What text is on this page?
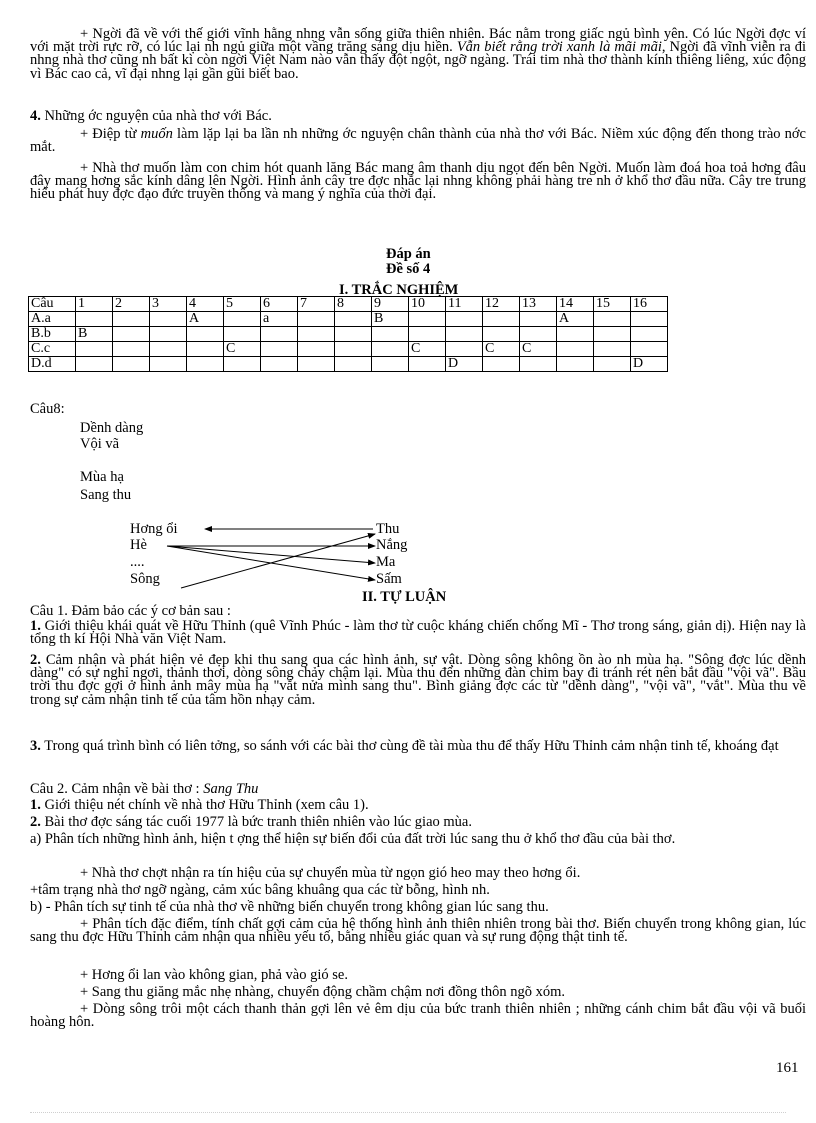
+ Ngời đã về với thế giới vĩnh hằng nhng vẫn sống giữa thiên nhiên. Bác nằm trong giấc ngủ bình yên. Có lúc Ngời đợc ví với mặt trời rực rỡ, có lúc lại nh ngủ giữa một vầng trăng sáng dịu hiền. Vẫn biết rằng trời xanh là mãi mãi, Ngời đã vĩnh viễn ra đi nhng nhà thơ cũng nh bất kì còn ngời Việt Nam nào vẫn thấy đột ngột, ngỡ ngàng. Trái tim nhà thơ thành kính thiêng liêng, xúc động vì Bác cao cả, vĩ đại nhng lại gần gũi biết bao.

4. Những ớc nguyện của nhà thơ với Bác.

+ Điệp từ muốn làm lặp lại ba lần nh những ớc nguyện chân thành của nhà thơ với Bác. Niềm xúc động đến thong trào nớc mắt.

+ Nhà thơ muốn làm con chim hót quanh lăng Bác mang âm thanh dịu ngọt đến bên Ngời. Muốn làm đoá hoa toả hơng đâu đây mang hơng sắc kính dâng lên Ngời. Hình ảnh cây tre đợc nhắc lại nhng không phải hàng tre nh ở khổ thơ đầu nữa. Cây tre trung hiếu phát huy đợc đạo đức truyền thống và mang ý nghĩa của thời đại.

Đáp án
Đề số 4
I. TRẮC NGHIỆM
Câu	1	2	3	4	5	6	7	8	9	10	11	12	13	14	15	16
A.a				A		a			B					A		
B.b	B															
C.c					C					C		C	C			
D.d											D					D
Câu8:
Dềnh dàng
Vội vã
Mùa hạ
Sang thu
Hơng ổi
Hè
....
Sông
Thu
Nắng
Ma
Sấm
II. TỰ LUẬN
Câu 1. Đảm bảo các ý cơ bản sau :

1. Giới thiệu khái quát về Hữu Thỉnh (quê Vĩnh Phúc - làm thơ từ cuộc kháng chiến chống Mĩ - Thơ trong sáng, giản dị). Hiện nay là tổng th kí Hội Nhà văn Việt Nam.

2. Cảm nhận và phát hiện vẻ đẹp khi thu sang qua các hình ảnh, sự vật. Dòng sông không ồn ào nh mùa hạ. "Sông đợc lúc dềnh dàng" có sự nghỉ ngơi, thảnh thơi, dòng sông chảy chậm lại. Mùa thu đến những đàn chim bay đi tránh rét nên bắt đầu "vội vã". Bầu trời thu đợc gợi ở hình ảnh mây mùa hạ "vắt nửa mình sang thu". Bình giảng đợc các từ "dềnh dàng", "vội vã", "vắt". Mùa thu về trong sự cảm nhận tinh tế của tâm hồn nhạy cảm.

3. Trong quá trình bình có liên tởng, so sánh với các bài thơ cùng đề tài mùa thu để thấy Hữu Thỉnh cảm nhận tinh tế, khoáng đạt

Câu 2. Cảm nhận về bài thơ : Sang Thu

1. Giới thiệu nét chính về nhà thơ Hữu Thỉnh (xem câu 1).

2. Bài thơ đợc sáng tác cuối 1977 là bức tranh thiên nhiên vào lúc giao mùa.

a) Phân tích những hình ảnh, hiện t ợng thể hiện sự biến đổi của đất trời lúc sang thu ở khổ thơ đầu của bài thơ.

+ Nhà thơ chợt nhận ra tín hiệu của sự chuyển mùa từ ngọn gió heo may theo hơng ổi.

+tâm trạng nhà thơ ngỡ ngàng, cảm xúc bâng khuâng qua các từ bỗng, hình nh.

b) - Phân tích sự tinh tế của nhà thơ về những biến chuyển trong không gian lúc sang thu.

+ Phân tích đặc điểm, tính chất gợi cảm của hệ thống hình ảnh thiên nhiên trong bài thơ. Biến chuyển trong không gian, lúc sang thu đợc Hữu Thỉnh cảm nhận qua nhiều yếu tố, bằng nhiều giác quan và sự rung động thật tinh tế.

+ Hơng ổi lan vào không gian, phả vào gió se.

+ Sang thu giăng mắc nhẹ nhàng, chuyển động chầm chậm nơi đồng thôn ngõ xóm.

+ Dòng sông trôi một cách thanh thản gợi lên vẻ êm dịu của bức tranh thiên nhiên ; những cánh chim bắt đầu vội vã buổi hoàng hôn.

161
